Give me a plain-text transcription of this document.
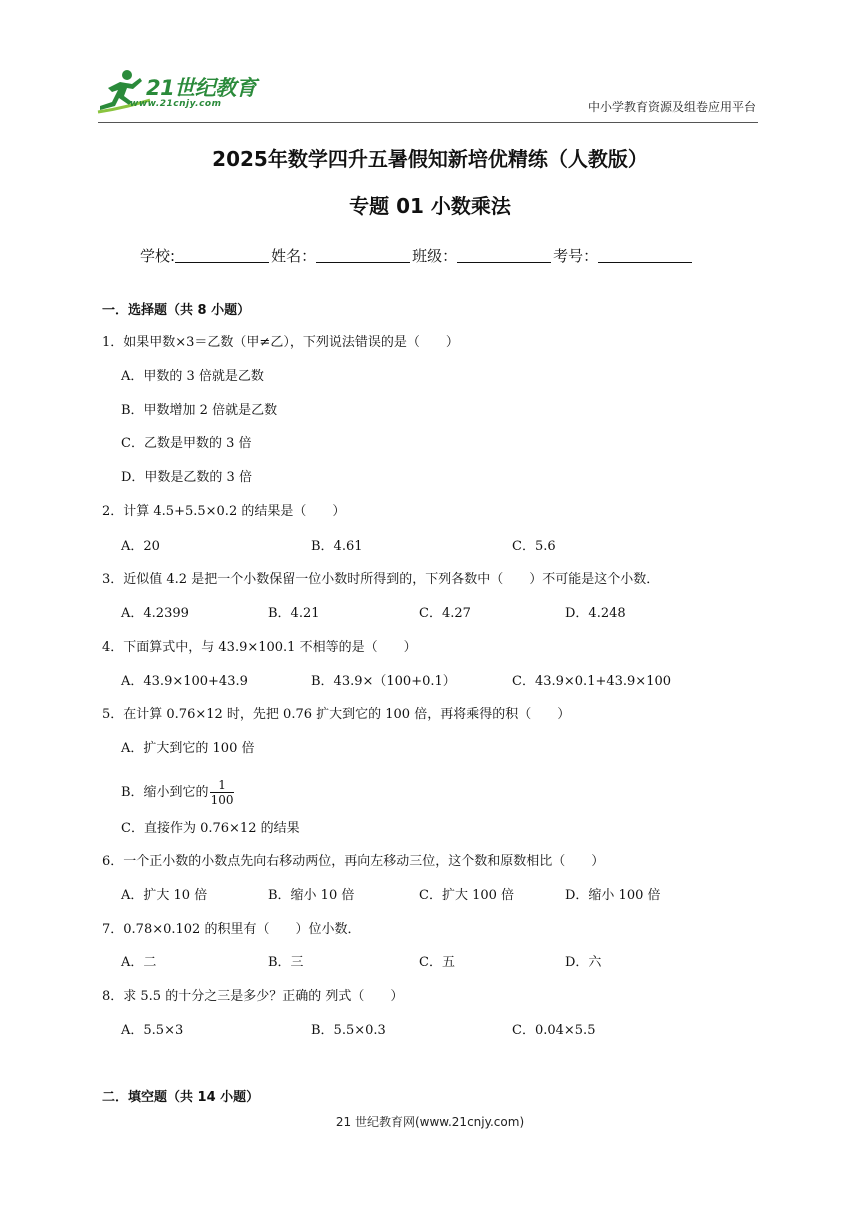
21世纪教育
www.21cnjy.com	中小学教育资源及组卷应用平台
2025年数学四升五暑假知新培优精练（人教版）
专题 01 小数乘法
学校:	姓名：	班级：	考号：
一．选择题（共 8 小题）
1．如果甲数×3＝乙数（甲≠乙），下列说法错误的是（　　）
A．甲数的 3 倍就是乙数
B．甲数增加 2 倍就是乙数
C．乙数是甲数的 3 倍
D．甲数是乙数的 3 倍
2．计算 4.5+5.5×0.2 的结果是（　　）
A．20	B．4.61	C．5.6
3．近似值 4.2 是把一个小数保留一位小数时所得到的，下列各数中（　　）不可能是这个小数．
A．4.2399	B．4.21	C．4.27	D．4.248
4．下面算式中，与 43.9×100.1 不相等的是（　　）
A．43.9×100+43.9	B．43.9×（100+0.1）	C．43.9×0.1+43.9×100
5．在计算 0.76×12 时，先把 0.76 扩大到它的 100 倍，再将乘得的积（　　）
A．扩大到它的 100 倍
B．缩小到它的 $\frac{1}{100}$
C．直接作为 0.76×12 的结果
6．一个正小数的小数点先向右移动两位，再向左移动三位，这个数和原数相比（　　）
A．扩大 10 倍	B．缩小 10 倍	C．扩大 100 倍	D．缩小 100 倍
7．0.78×0.102 的积里有（　　）位小数．
A．二	B．三	C．五	D．六
8．求 5.5 的十分之三是多少？正确的 列式（　　）
A．5.5×3	B．5.5×0.3	C．0.04×5.5
二．填空题（共 14 小题）
21 世纪教育网(www.21cnjy.com)
